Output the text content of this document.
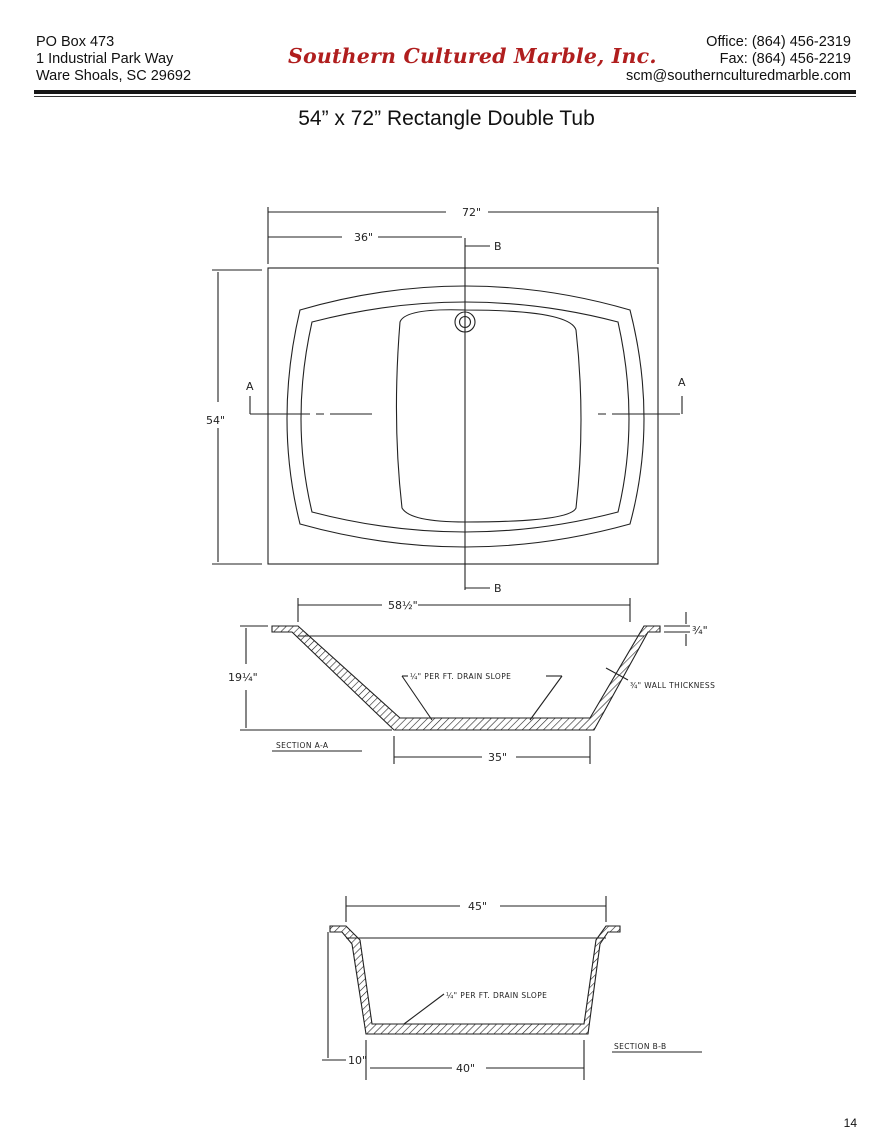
PO Box 473
1 Industrial Park Way
Ware Shoals, SC 29692
Southern Cultured Marble, Inc.
Office: (864) 456-2319
Fax: (864) 456-2219
scm@southernculturedmarble.com
54” x 72” Rectangle Double Tub
72"
36"
54"
B
B
A	A
58½"
19¼"
¾"
¼" PER FT. DRAIN SLOPE
¾" WALL THICKNESS
35"
SECTION A-A
45"
¼" PER FT. DRAIN SLOPE
10"
40"
SECTION B-B
14
